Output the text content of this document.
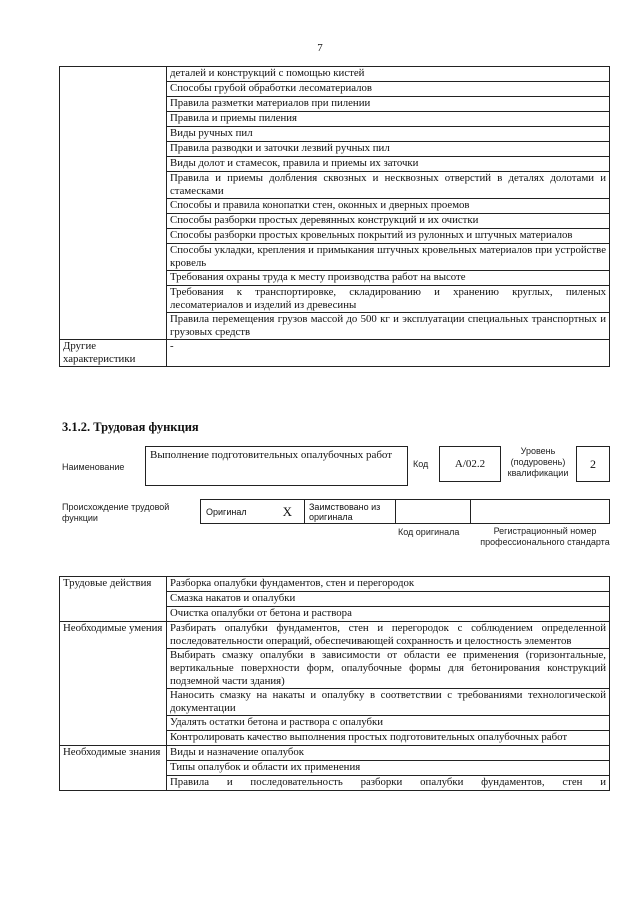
7
	деталей и конструкций с помощью кистей
	Способы грубой обработки лесоматериалов
	Правила разметки материалов при пилении
	Правила и приемы пиления
	Виды ручных пил
	Правила разводки и заточки лезвий ручных пил
	Виды долот и стамесок, правила и приемы их заточки
	Правила и приемы долбления сквозных и несквозных отверстий в деталях долотами и стамесками
	Способы и правила конопатки стен, оконных и дверных проемов
	Способы разборки простых деревянных конструкций и их очистки
	Способы разборки простых кровельных покрытий из рулонных и штучных материалов
	Способы укладки, крепления и примыкания штучных кровельных материалов при устройстве кровель
	Требования охраны труда к месту производства работ на высоте
	Требования к транспортировке, складированию и хранению круглых, пиленых лесоматериалов и изделий из древесины
	Правила перемещения грузов массой до 500 кг и эксплуатации специальных транспортных и грузовых средств
Другие характеристики	-
3.1.2. Трудовая функция
Наименование
Выполнение подготовительных опалубочных работ
Код	А/02.2
Уровень (подуровень) квалификации
2
Происхождение трудовой функции
Оригинал	X	Заимствовано из оригинала
Код оригинала	Регистрационный номер профессионального стандарта
Трудовые действия	Разборка опалубки фундаментов, стен и перегородок
	Смазка накатов и опалубки
	Очистка опалубки от бетона и раствора
Необходимые умения	Разбирать опалубки фундаментов, стен и перегородок с соблюдением определенной последовательности операций, обеспечивающей сохранность и целостность элементов
	Выбирать смазку опалубки в зависимости от области ее применения (горизонтальные, вертикальные поверхности форм, опалубочные формы для бетонирования конструкций подземной части здания)
	Наносить смазку на накаты и опалубку в соответствии с требованиями технологической документации
	Удалять остатки бетона и раствора с опалубки
	Контролировать качество выполнения простых подготовительных опалубочных работ
Необходимые знания	Виды и назначение опалубок
	Типы опалубок и области их применения
	Правила и последовательность разборки опалубки фундаментов, стен и
